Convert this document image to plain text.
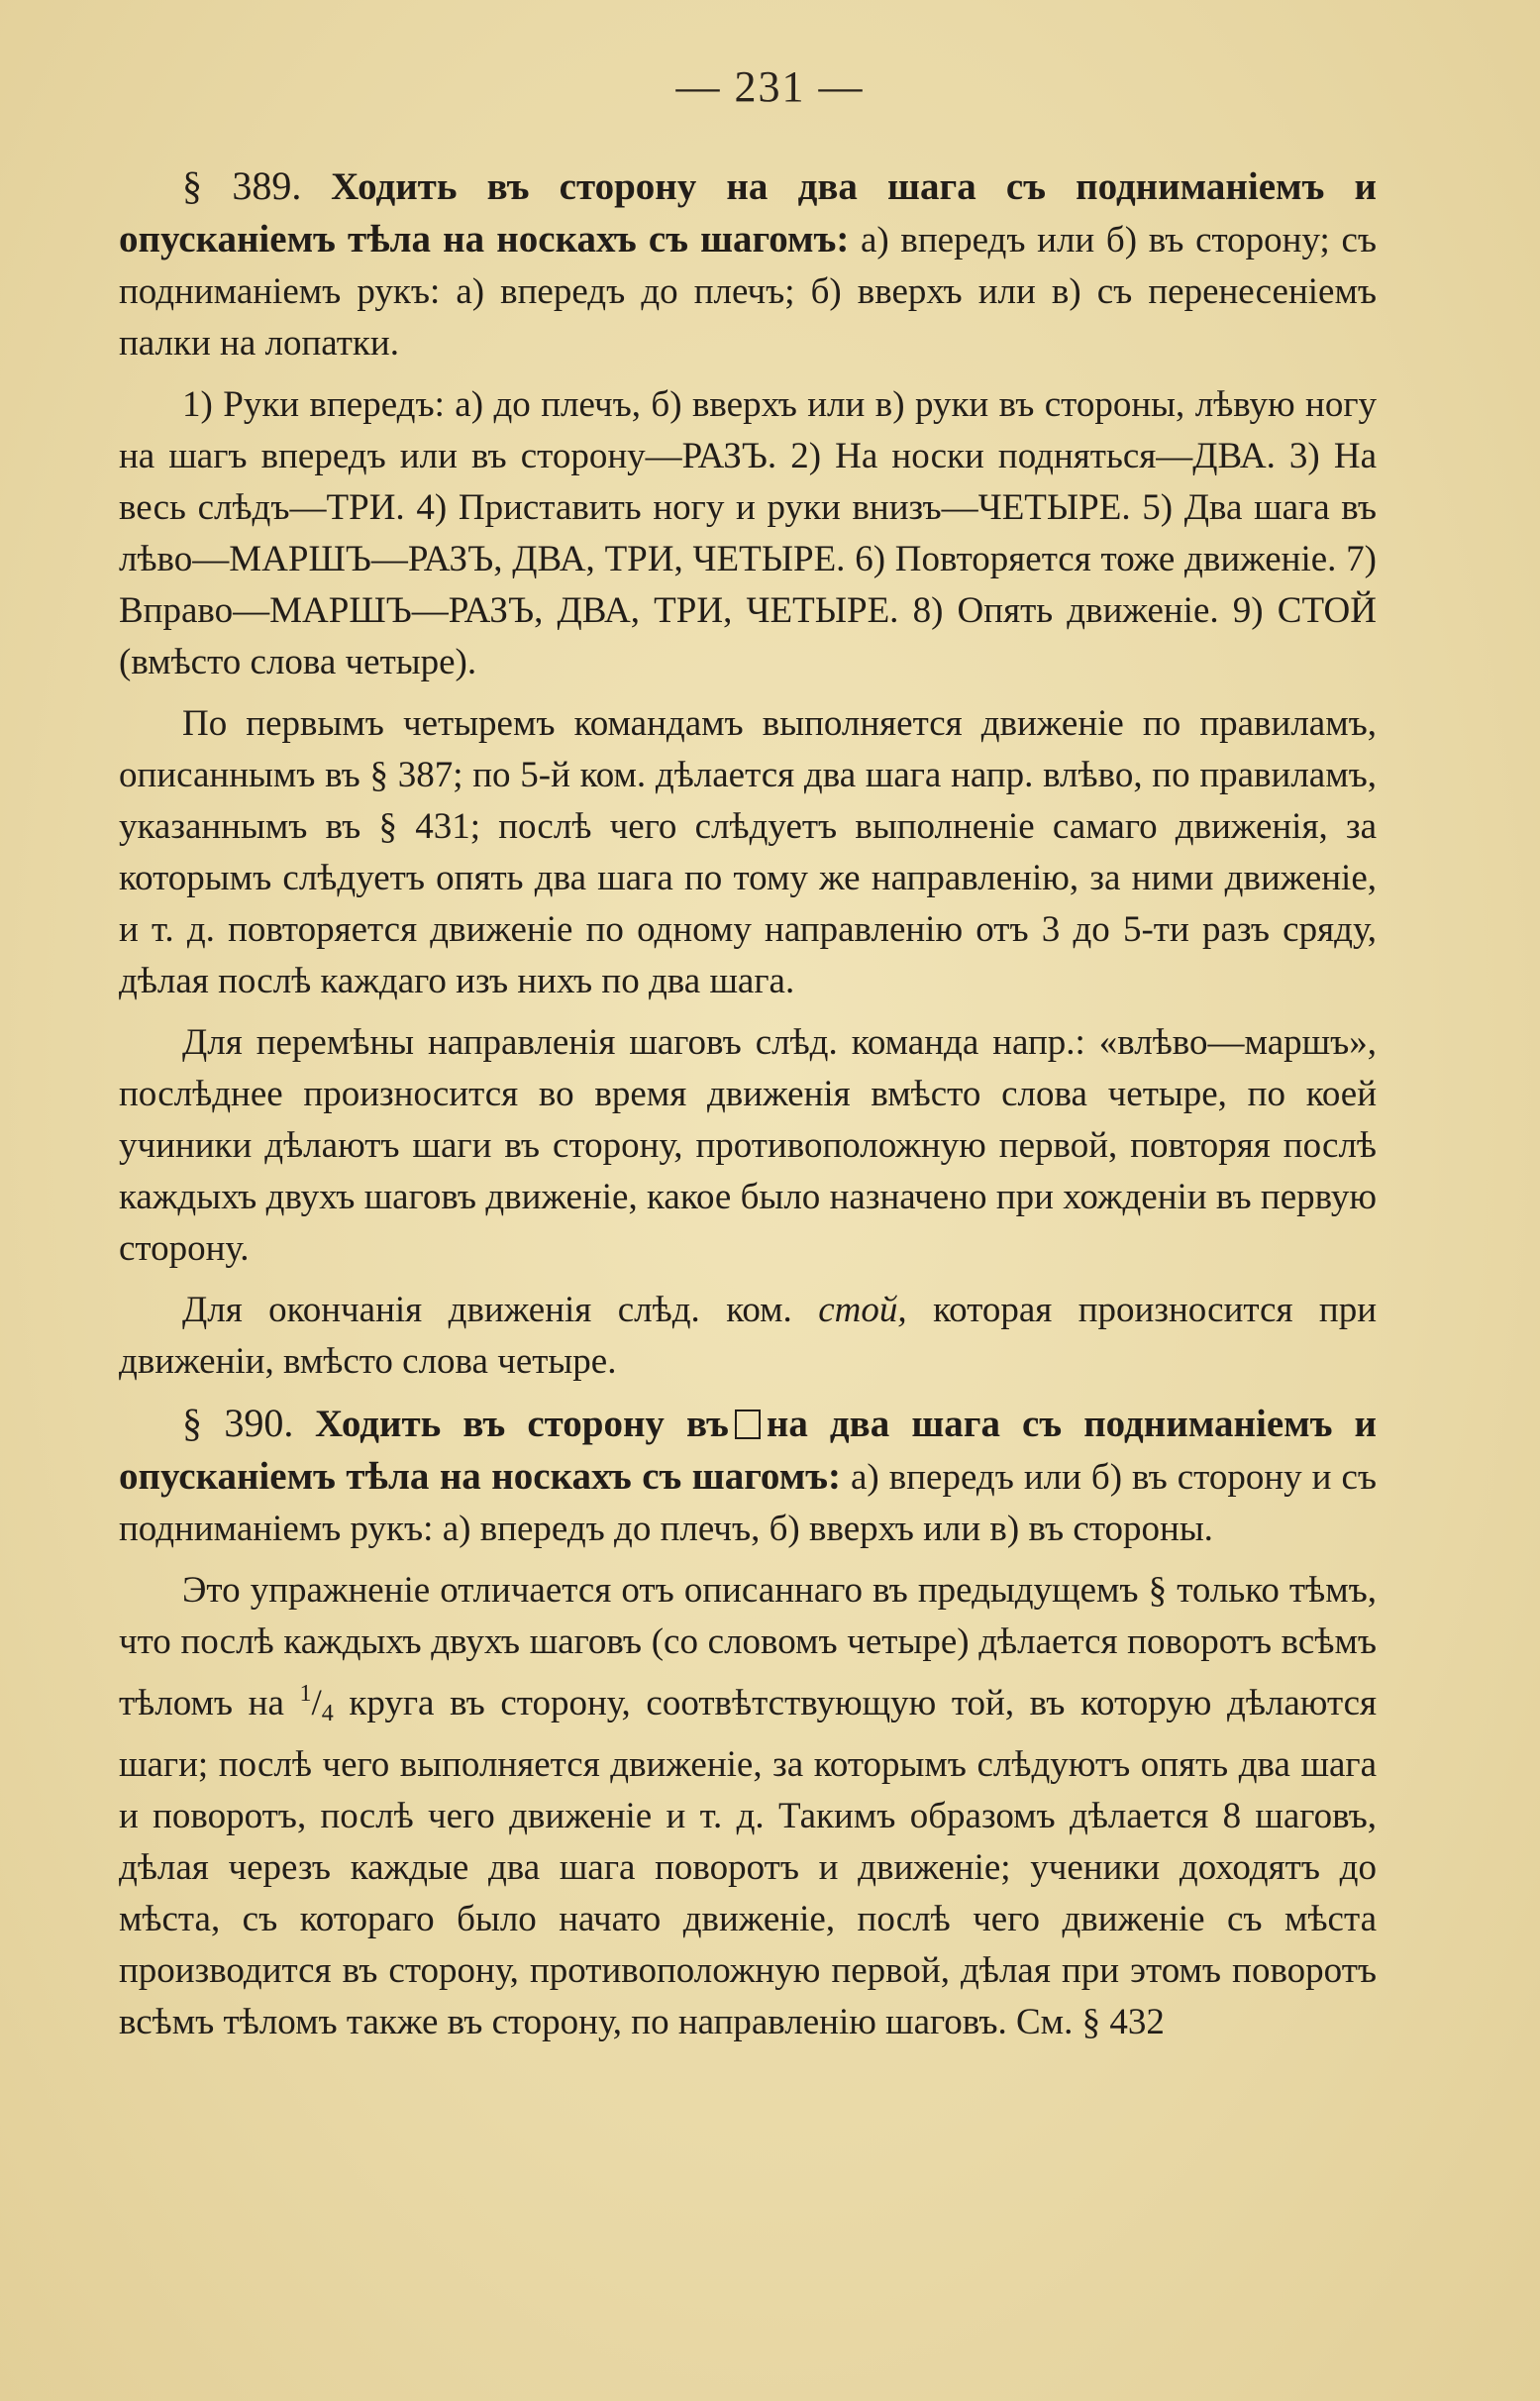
— 231 —

§ 389. Ходить въ сторону на два шага съ подниманіемъ и опусканіемъ тѣла на носкахъ съ шагомъ: а) впередъ или б) въ сторону; съ подниманіемъ рукъ: а) впередъ до плечъ; б) вверхъ или в) съ перенесеніемъ палки на лопатки.

1) Руки впередъ: а) до плечъ, б) вверхъ или в) руки въ стороны, лѣвую ногу на шагъ впередъ или въ сторону—РАЗЪ. 2) На носки подняться—ДВА. 3) На весь слѣдъ—ТРИ. 4) Приставить ногу и руки внизъ—ЧЕТЫРЕ. 5) Два шага въ лѣво—МАРШЪ—РАЗЪ, ДВА, ТРИ, ЧЕТЫРЕ. 6) Повторяется тоже движеніе. 7) Вправо—МАРШЪ—РАЗЪ, ДВА, ТРИ, ЧЕТЫРЕ. 8) Опять движеніе. 9) СТОЙ (вмѣсто слова четыре).

По первымъ четыремъ командамъ выполняется движеніе по правиламъ, описаннымъ въ § 387; по 5-й ком. дѣлается два шага напр. влѣво, по правиламъ, указаннымъ въ § 431; послѣ чего слѣдуетъ выполненіе самаго движенія, за которымъ слѣдуетъ опять два шага по тому же направленію, за ними движеніе, и т. д. повторяется движеніе по одному направленію отъ 3 до 5-ти разъ сряду, дѣлая послѣ каждаго изъ нихъ по два шага.

Для перемѣны направленія шаговъ слѣд. команда напр.: «влѣво—маршъ», послѣднее произносится во время движенія вмѣсто слова четыре, по коей учиники дѣлаютъ шаги въ сторону, противоположную первой, повторяя послѣ каждыхъ двухъ шаговъ движеніе, какое было назначено при хожденіи въ первую сторону.

Для окончанія движенія слѣд. ком. стой, которая произносится при движеніи, вмѣсто слова четыре.

§ 390. Ходить въ сторону въ на два шага съ подниманіемъ и опусканіемъ тѣла на носкахъ съ шагомъ: а) впередъ или б) въ сторону и съ подниманіемъ рукъ: а) впередъ до плечъ, б) вверхъ или в) въ стороны.

Это упражненіе отличается отъ описаннаго въ предыдущемъ § только тѣмъ, что послѣ каждыхъ двухъ шаговъ (со словомъ четыре) дѣлается поворотъ всѣмъ тѣломъ на $^1/_4$ круга въ сторону, соотвѣтствующую той, въ которую дѣлаются шаги; послѣ чего выполняется движеніе, за которымъ слѣдуютъ опять два шага и поворотъ, послѣ чего движеніе и т. д. Такимъ образомъ дѣлается 8 шаговъ, дѣлая черезъ каждые два шага поворотъ и движеніе; ученики доходятъ до мѣста, съ котораго было начато движеніе, послѣ чего движеніе съ мѣста производится въ сторону, противоположную первой, дѣлая при этомъ поворотъ всѣмъ тѣломъ также въ сторону, по направленію шаговъ. См. § 432
